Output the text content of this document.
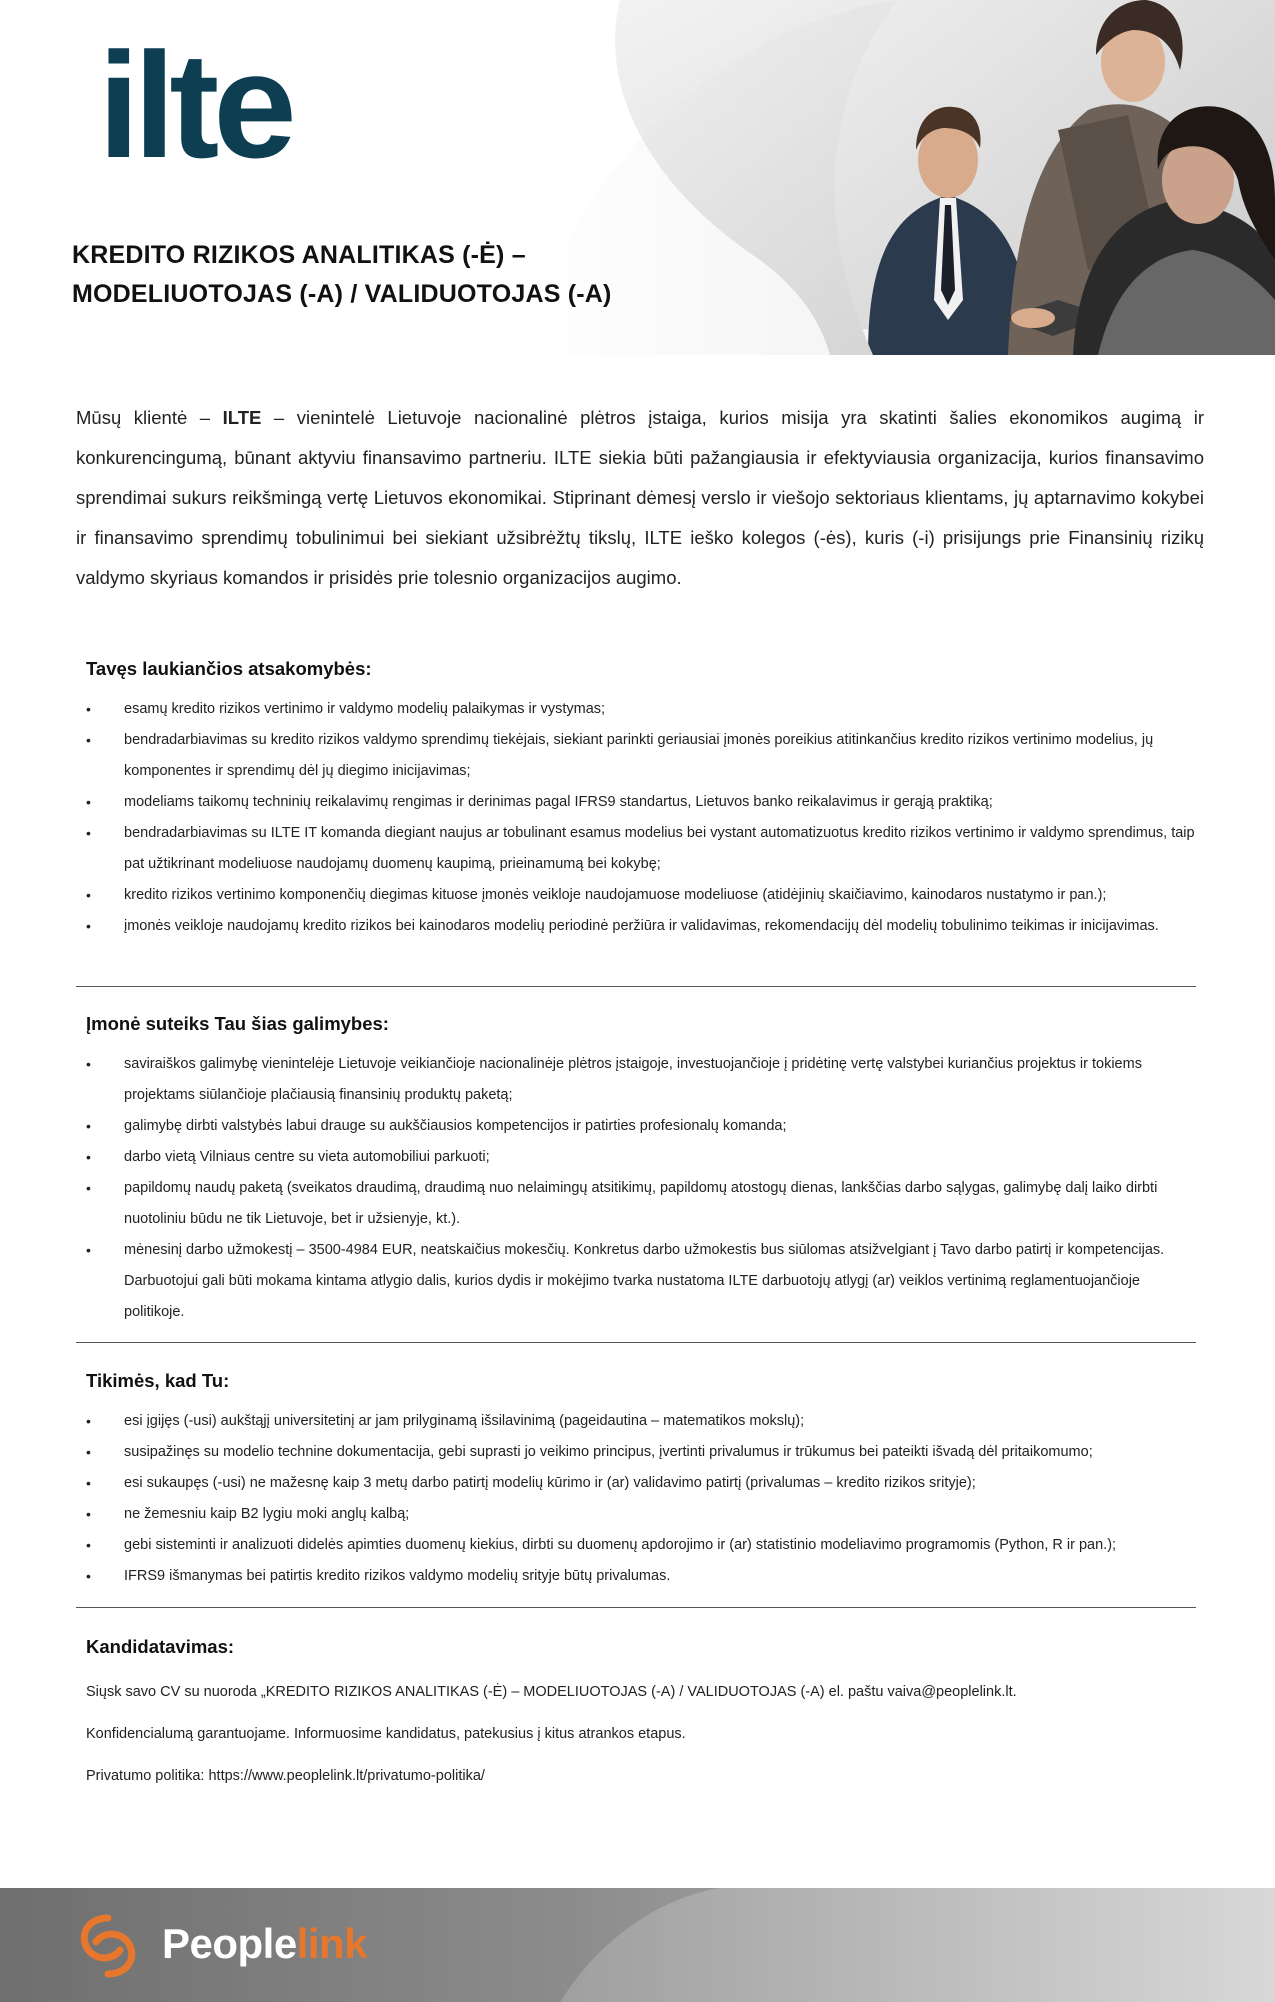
ilte
KREDITO RIZIKOS ANALITIKAS (-Ė) –
MODELIUOTOJAS (-A) / VALIDUOTOJAS (-A)

Mūsų klientė – ILTE – vienintelė Lietuvoje nacionalinė plėtros įstaiga, kurios misija yra skatinti šalies ekonomikos augimą ir konkurencingumą, būnant aktyviu finansavimo partneriu. ILTE siekia būti pažangiausia ir efektyviausia organizacija, kurios finansavimo sprendimai sukurs reikšmingą vertę Lietuvos ekonomikai. Stiprinant dėmesį verslo ir viešojo sektoriaus klientams, jų aptarnavimo kokybei ir finansavimo sprendimų tobulinimui bei siekiant užsibrėžtų tikslų, ILTE ieško kolegos (-ės), kuris (-i) prisijungs prie Finansinių rizikų valdymo skyriaus komandos ir prisidės prie tolesnio organizacijos augimo.

Tavęs laukiančios atsakomybės:
• esamų kredito rizikos vertinimo ir valdymo modelių palaikymas ir vystymas;
• bendradarbiavimas su kredito rizikos valdymo sprendimų tiekėjais, siekiant parinkti geriausiai įmonės poreikius atitinkančius kredito rizikos vertinimo modelius, jų komponentes ir sprendimų dėl jų diegimo inicijavimas;
• modeliams taikomų techninių reikalavimų rengimas ir derinimas pagal IFRS9 standartus, Lietuvos banko reikalavimus ir gerąją praktiką;
• bendradarbiavimas su ILTE IT komanda diegiant naujus ar tobulinant esamus modelius bei vystant automatizuotus kredito rizikos vertinimo ir valdymo sprendimus, taip pat užtikrinant modeliuose naudojamų duomenų kaupimą, prieinamumą bei kokybę;
• kredito rizikos vertinimo komponenčių diegimas kituose įmonės veikloje naudojamuose modeliuose (atidėjinių skaičiavimo, kainodaros nustatymo ir pan.);
• įmonės veikloje naudojamų kredito rizikos bei kainodaros modelių periodinė peržiūra ir validavimas, rekomendacijų dėl modelių tobulinimo teikimas ir inicijavimas.
Įmonė suteiks Tau šias galimybes:
• saviraiškos galimybę vienintelėje Lietuvoje veikiančioje nacionalinėje plėtros įstaigoje, investuojančioje į pridėtinę vertę valstybei kuriančius projektus ir tokiems projektams siūlančioje plačiausią finansinių produktų paketą;
• galimybę dirbti valstybės labui drauge su aukščiausios kompetencijos ir patirties profesionalų komanda;
• darbo vietą Vilniaus centre su vieta automobiliui parkuoti;
• papildomų naudų paketą (sveikatos draudimą, draudimą nuo nelaimingų atsitikimų, papildomų atostogų dienas, lankščias darbo sąlygas, galimybę dalį laiko dirbti nuotoliniu būdu ne tik Lietuvoje, bet ir užsienyje, kt.).
• mėnesinį darbo užmokestį – 3500-4984 EUR, neatskaičius mokesčių. Konkretus darbo užmokestis bus siūlomas atsižvelgiant į Tavo darbo patirtį ir kompetencijas. Darbuotojui gali būti mokama kintama atlygio dalis, kurios dydis ir mokėjimo tvarka nustatoma ILTE darbuotojų atlygį (ar) veiklos vertinimą reglamentuojančioje politikoje.
Tikimės, kad Tu:
• esi įgijęs (-usi) aukštąjį universitetinį ar jam prilyginamą išsilavinimą (pageidautina – matematikos mokslų);
• susipažinęs su modelio technine dokumentacija, gebi suprasti jo veikimo principus, įvertinti privalumus ir trūkumus bei pateikti išvadą dėl pritaikomumo;
• esi sukaupęs (-usi) ne mažesnę kaip 3 metų darbo patirtį modelių kūrimo ir (ar) validavimo patirtį (privalumas – kredito rizikos srityje);
• ne žemesniu kaip B2 lygiu moki anglų kalbą;
• gebi sisteminti ir analizuoti didelės apimties duomenų kiekius, dirbti su duomenų apdorojimo ir (ar) statistinio modeliavimo programomis (Python, R ir pan.);
• IFRS9 išmanymas bei patirtis kredito rizikos valdymo modelių srityje būtų privalumas.
Kandidatavimas:

Siųsk savo CV su nuoroda „KREDITO RIZIKOS ANALITIKAS (-Ė) – MODELIUOTOJAS (-A) / VALIDUOTOJAS (-A) el. paštu vaiva@peoplelink.lt.

Konfidencialumą garantuojame. Informuosime kandidatus, patekusius į kitus atrankos etapus.

Privatumo politika: https://www.peoplelink.lt/privatumo-politika/

Peoplelink
